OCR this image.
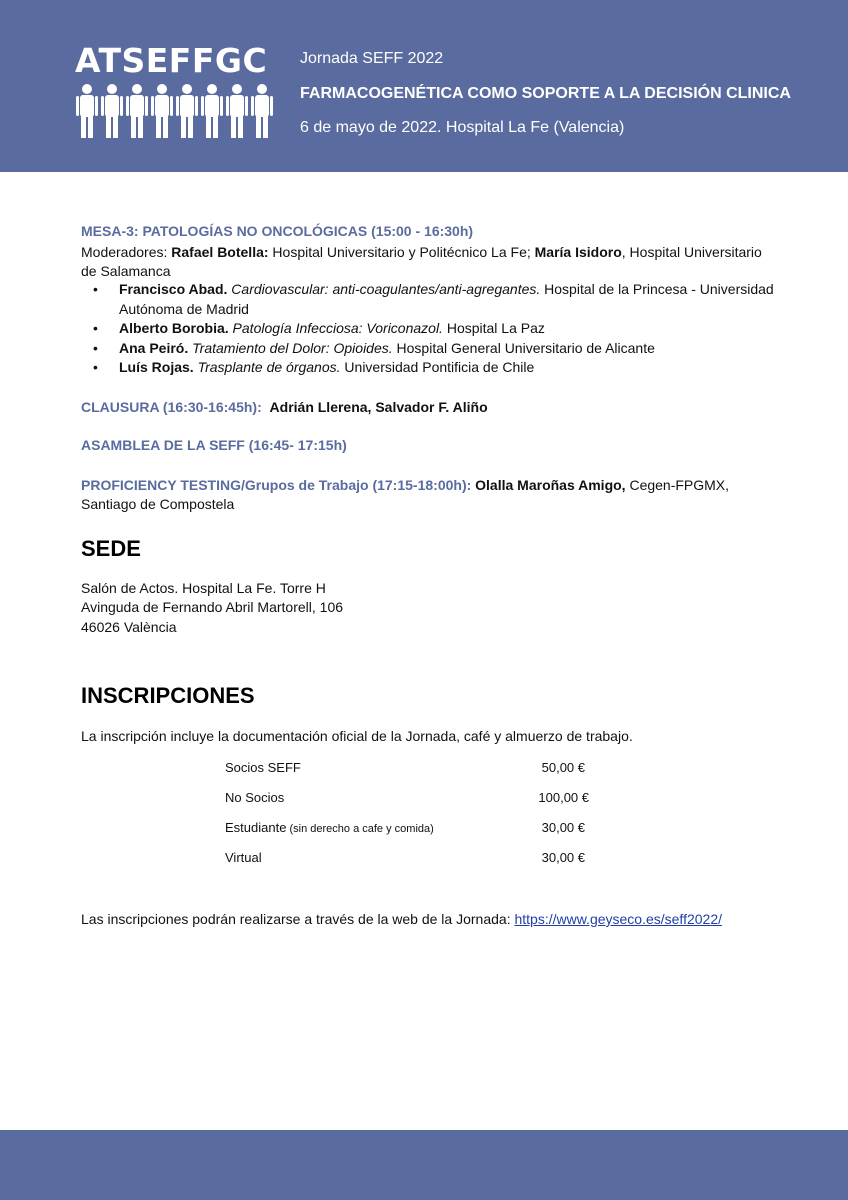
ATSEFFGC Jornada SEFF 2022
FARMACOGENÉTICA COMO SOPORTE A LA DECISIÓN CLINICA
6 de mayo de 2022. Hospital La Fe (Valencia)
MESA-3: PATOLOGÍAS NO ONCOLÓGICAS (15:00 - 16:30h)
Moderadores: Rafael Botella: Hospital Universitario y Politécnico La Fe; María Isidoro, Hospital Universitario
de Salamanca
• Francisco Abad. Cardiovascular: anti-coagulantes/anti-agregantes. Hospital de la Princesa - Universidad Autónoma de Madrid
• Alberto Borobia. Patología Infecciosa: Voriconazol. Hospital La Paz
• Ana Peiró. Tratamiento del Dolor: Opioides. Hospital General Universitario de Alicante
• Luís Rojas. Trasplante de órganos. Universidad Pontificia de Chile
CLAUSURA (16:30-16:45h): Adrián Llerena, Salvador F. Aliño
ASAMBLEA DE LA SEFF (16:45- 17:15h)
PROFICIENCY TESTING/Grupos de Trabajo (17:15-18:00h): Olalla Maroñas Amigo, Cegen-FPGMX,
Santiago de Compostela
SEDE
Salón de Actos. Hospital La Fe. Torre H
Avinguda de Fernando Abril Martorell, 106
46026 València
INSCRIPCIONES
La inscripción incluye la documentación oficial de la Jornada, café y almuerzo de trabajo.
Socios SEFF	50,00 €
No Socios	100,00 €
Estudiante (sin derecho a cafe y comida)	30,00 €
Virtual	30,00 €
Las inscripciones podrán realizarse a través de la web de la Jornada: https://www.geyseco.es/seff2022/
